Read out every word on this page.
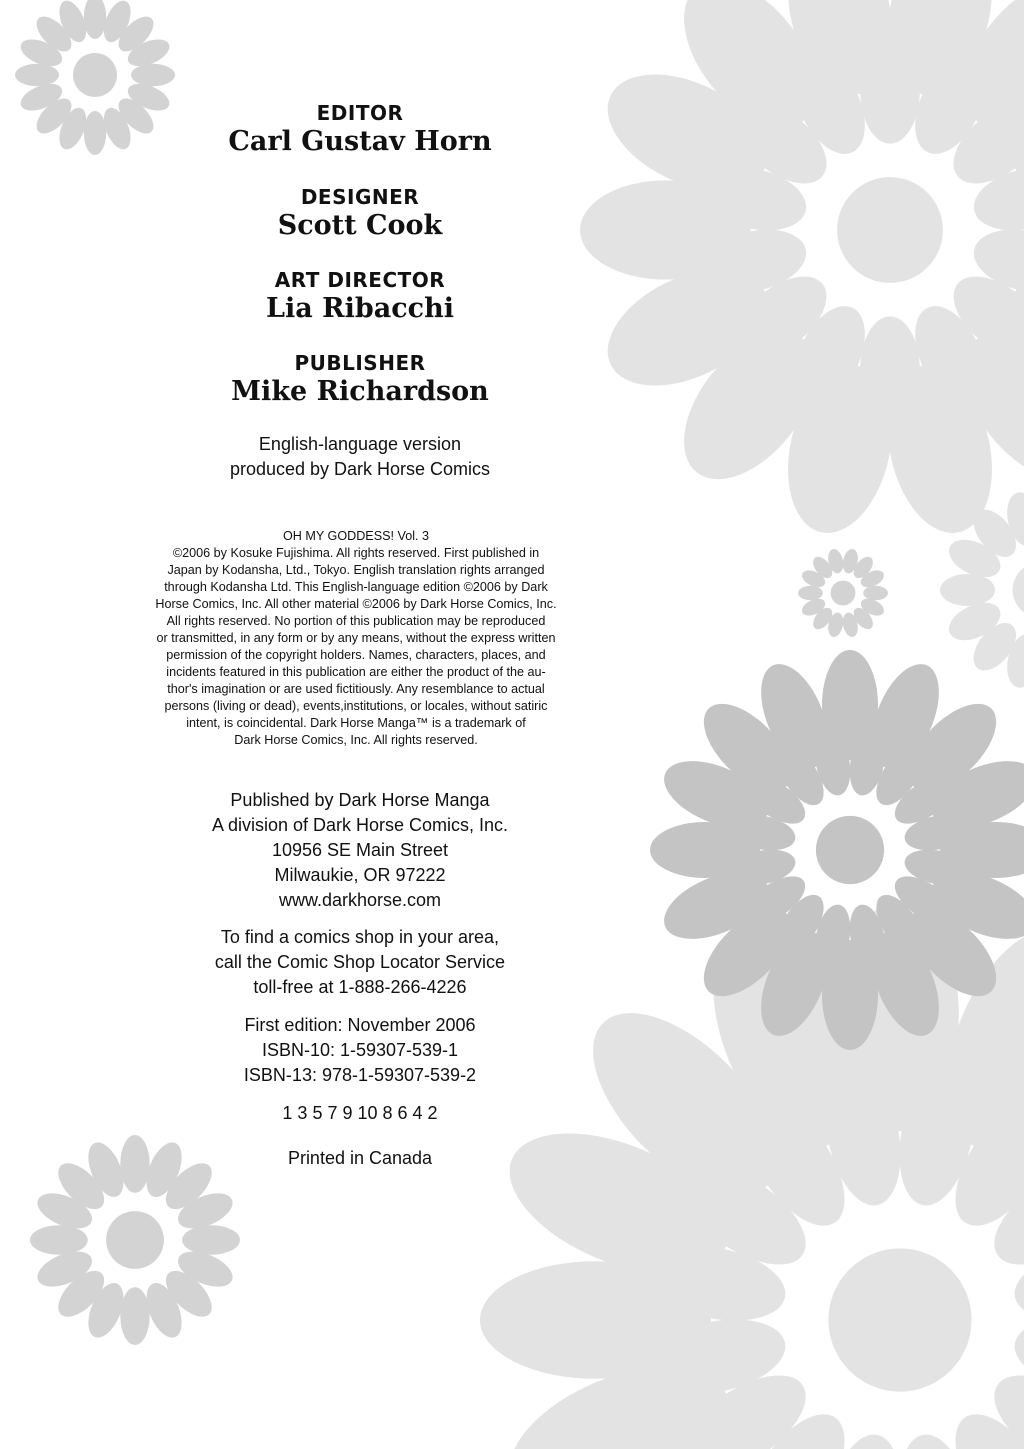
EDITOR
Carl Gustav Horn
DESIGNER
Scott Cook
ART DIRECTOR
Lia Ribacchi
PUBLISHER
Mike Richardson
English-language version
produced by Dark Horse Comics
OH MY GODDESS! Vol. 3
©2006 by Kosuke Fujishima. All rights reserved. First published in
Japan by Kodansha, Ltd., Tokyo. English translation rights arranged
through Kodansha Ltd. This English-language edition ©2006 by Dark
Horse Comics, Inc. All other material ©2006 by Dark Horse Comics, Inc.
All rights reserved. No portion of this publication may be reproduced
or transmitted, in any form or by any means, without the express written
permission of the copyright holders. Names, characters, places, and
incidents featured in this publication are either the product of the au-
thor's imagination or are used fictitiously. Any resemblance to actual
persons (living or dead), events,institutions, or locales, without satiric
intent, is coincidental. Dark Horse Manga™ is a trademark of
Dark Horse Comics, Inc. All rights reserved.
Published by Dark Horse Manga
A division of Dark Horse Comics, Inc.
10956 SE Main Street
Milwaukie, OR 97222
www.darkhorse.com
To find a comics shop in your area,
call the Comic Shop Locator Service
toll-free at 1-888-266-4226
First edition: November 2006
ISBN-10: 1-59307-539-1
ISBN-13: 978-1-59307-539-2
1 3 5 7 9 10 8 6 4 2
Printed in Canada
